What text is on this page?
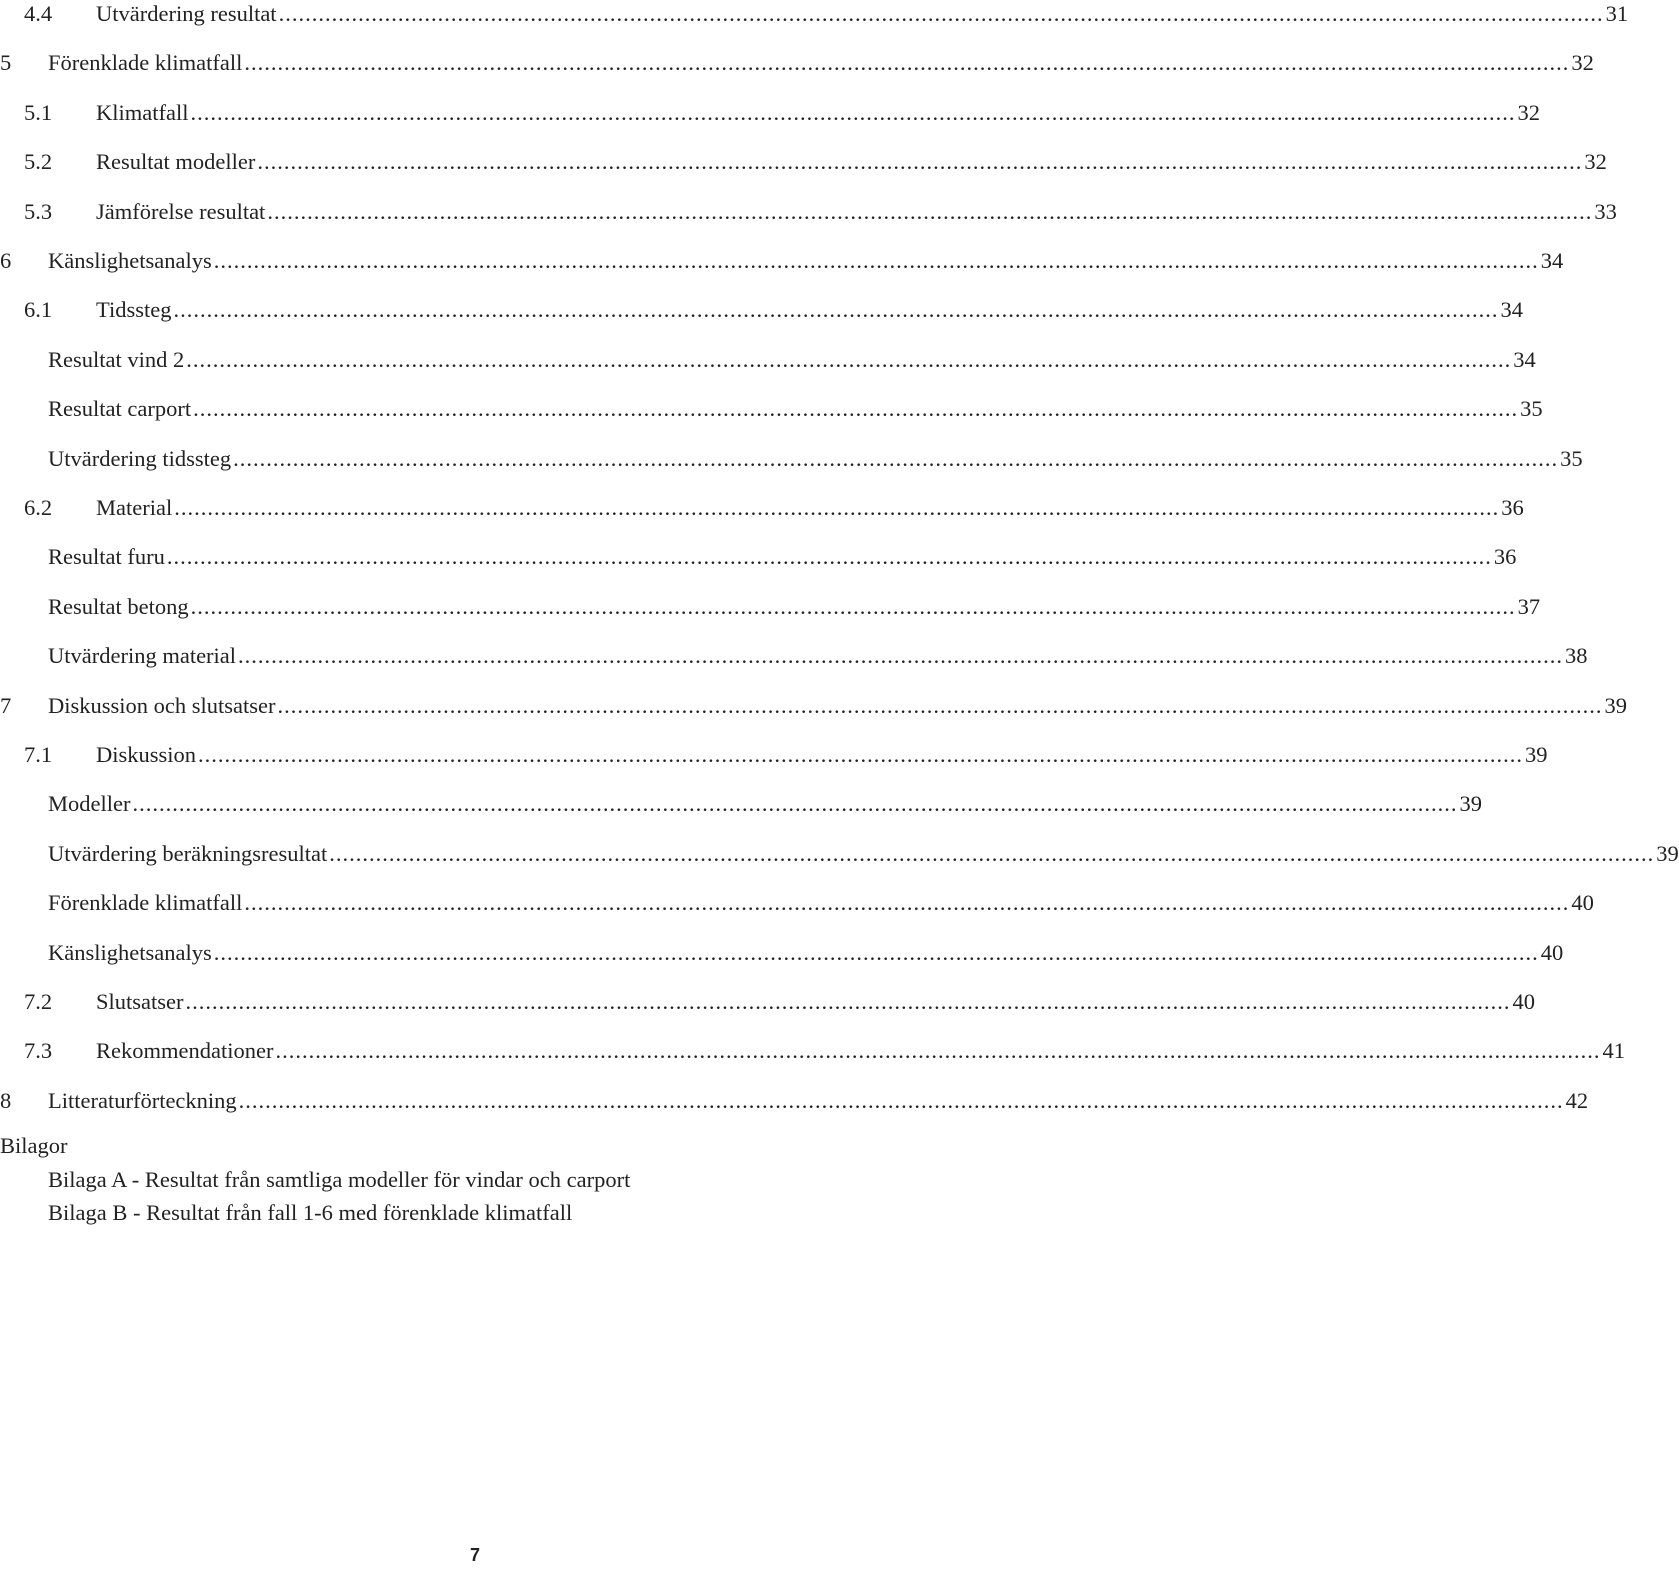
4.4 Utvärdering resultat ........................................................................................................................................................................................................ 31
5 Förenklade klimatfall ........................................................................................................................................................................................................ 32
5.1 Klimatfall ........................................................................................................................................................................................................ 32
5.2 Resultat modeller ........................................................................................................................................................................................................ 32
5.3 Jämförelse resultat ........................................................................................................................................................................................................ 33
6 Känslighetsanalys ........................................................................................................................................................................................................ 34
6.1 Tidssteg ........................................................................................................................................................................................................ 34
Resultat vind 2 ........................................................................................................................................................................................................ 34
Resultat carport ........................................................................................................................................................................................................ 35
Utvärdering tidssteg ........................................................................................................................................................................................................ 35
6.2 Material ........................................................................................................................................................................................................ 36
Resultat furu ........................................................................................................................................................................................................ 36
Resultat betong ........................................................................................................................................................................................................ 37
Utvärdering material ........................................................................................................................................................................................................ 38
7 Diskussion och slutsatser ........................................................................................................................................................................................................ 39
7.1 Diskussion ........................................................................................................................................................................................................ 39
Modeller ........................................................................................................................................................................................................ 39
Utvärdering beräkningsresultat ........................................................................................................................................................................................................ 39
Förenklade klimatfall ........................................................................................................................................................................................................ 40
Känslighetsanalys ........................................................................................................................................................................................................ 40
7.2 Slutsatser ........................................................................................................................................................................................................ 40
7.3 Rekommendationer ........................................................................................................................................................................................................ 41
8 Litteraturförteckning ........................................................................................................................................................................................................ 42
Bilagor
Bilaga A - Resultat från samtliga modeller för vindar och carport
Bilaga B - Resultat från fall 1-6 med förenklade klimatfall
7
